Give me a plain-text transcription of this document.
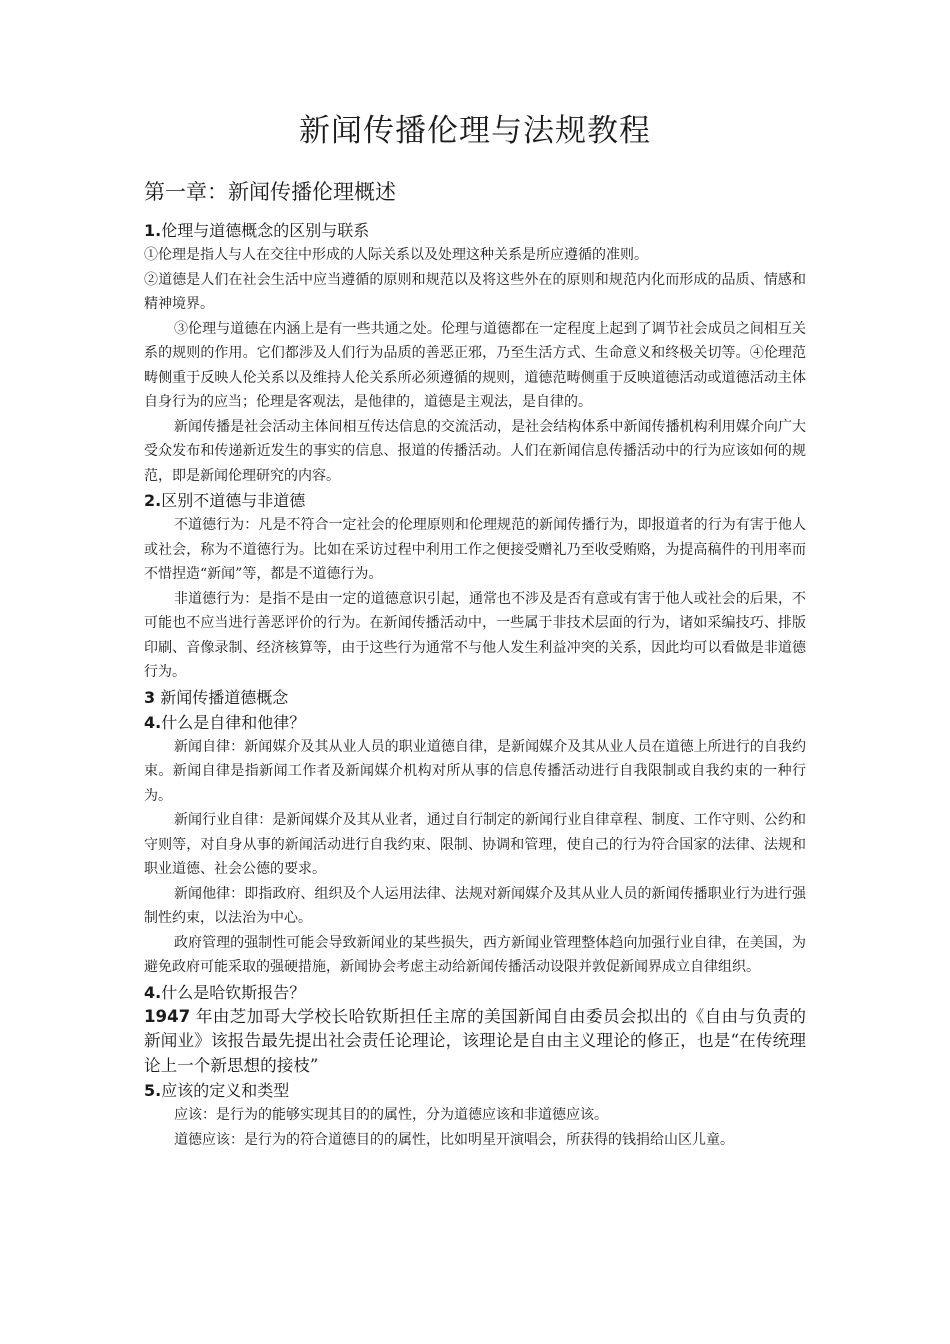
新闻传播伦理与法规教程
第一章：新闻传播伦理概述
1.伦理与道德概念的区别与联系

①伦理是指人与人在交往中形成的人际关系以及处理这种关系是所应遵循的准则。

②道德是人们在社会生活中应当遵循的原则和规范以及将这些外在的原则和规范内化而形成的品质、情感和精神境界。

③伦理与道德在内涵上是有一些共通之处。伦理与道德都在一定程度上起到了调节社会成员之间相互关系的规则的作用。它们都涉及人们行为品质的善恶正邪，乃至生活方式、生命意义和终极关切等。④伦理范畴侧重于反映人伦关系以及维持人伦关系所必须遵循的规则，道德范畴侧重于反映道德活动或道德活动主体自身行为的应当；伦理是客观法，是他律的，道德是主观法，是自律的。

新闻传播是社会活动主体间相互传达信息的交流活动，是社会结构体系中新闻传播机构利用媒介向广大受众发布和传递新近发生的事实的信息、报道的传播活动。人们在新闻信息传播活动中的行为应该如何的规范，即是新闻伦理研究的内容。

2.区别不道德与非道德

不道德行为：凡是不符合一定社会的伦理原则和伦理规范的新闻传播行为，即报道者的行为有害于他人或社会，称为不道德行为。比如在采访过程中利用工作之便接受赠礼乃至收受贿赂，为提高稿件的刊用率而不惜捏造“新闻”等，都是不道德行为。

非道德行为：是指不是由一定的道德意识引起，通常也不涉及是否有意或有害于他人或社会的后果，不可能也不应当进行善恶评价的行为。在新闻传播活动中，一些属于非技术层面的行为，诸如采编技巧、排版印刷、音像录制、经济核算等，由于这些行为通常不与他人发生利益冲突的关系，因此均可以看做是非道德行为。

3 新闻传播道德概念
4.什么是自律和他律？

新闻自律：新闻媒介及其从业人员的职业道德自律，是新闻媒介及其从业人员在道德上所进行的自我约束。新闻自律是指新闻工作者及新闻媒介机构对所从事的信息传播活动进行自我限制或自我约束的一种行为。

新闻行业自律：是新闻媒介及其从业者，通过自行制定的新闻行业自律章程、制度、工作守则、公约和守则等，对自身从事的新闻活动进行自我约束、限制、协调和管理，使自己的行为符合国家的法律、法规和职业道德、社会公德的要求。

新闻他律：即指政府、组织及个人运用法律、法规对新闻媒介及其从业人员的新闻传播职业行为进行强制性约束，以法治为中心。

政府管理的强制性可能会导致新闻业的某些损失，西方新闻业管理整体趋向加强行业自律，在美国，为避免政府可能采取的强硬措施，新闻协会考虑主动给新闻传播活动设限并敦促新闻界成立自律组织。

4.什么是哈钦斯报告？

1947 年由芝加哥大学校长哈钦斯担任主席的美国新闻自由委员会拟出的《自由与负责的新闻业》该报告最先提出社会责任论理论，该理论是自由主义理论的修正，也是“在传统理论上一个新思想的接枝”

5.应该的定义和类型

应该：是行为的能够实现其目的的属性，分为道德应该和非道德应该。

道德应该：是行为的符合道德目的的属性，比如明星开演唱会，所获得的钱捐给山区儿童。
